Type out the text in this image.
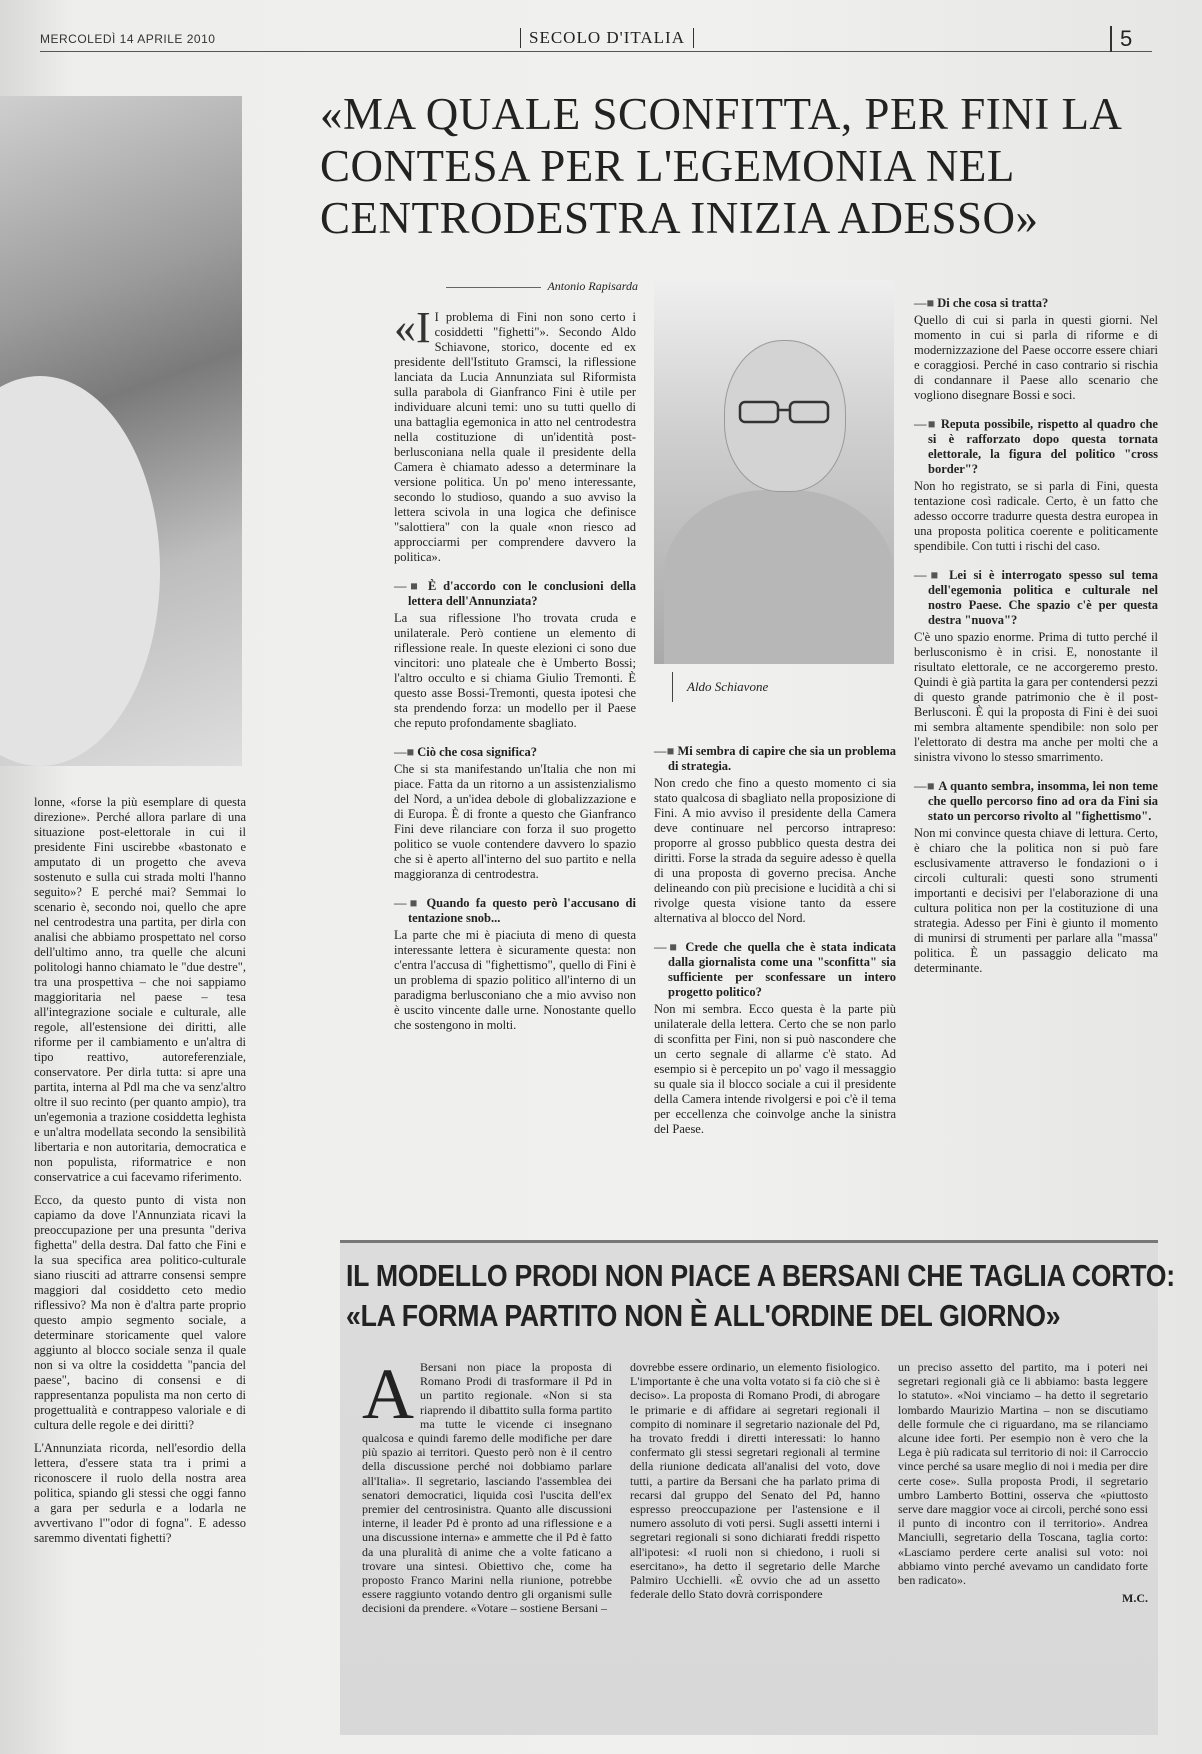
MERCOLEDÌ 14 APRILE 2010	SECOLO D'ITALIA	5
«MA QUALE SCONFITTA, PER FINI LA CONTESA PER L'EGEMONIA NEL CENTRODESTRA INIZIA ADESSO»
Antonio Rapisarda

lonne, «forse la più esemplare di questa direzione». Perché allora parlare di una situazione post-elettorale in cui il presidente Fini uscirebbe «bastonato e amputato di un progetto che aveva sostenuto e sulla cui strada molti l'hanno seguito»? E perché mai? Semmai lo scenario è, secondo noi, quello che apre nel centrodestra una partita, per dirla con analisi che abbiamo prospettato nel corso dell'ultimo anno, tra quelle che alcuni politologi hanno chiamato le "due destre", tra una prospettiva – che noi sappiamo maggioritaria nel paese – tesa all'integrazione sociale e culturale, alle regole, all'estensione dei diritti, alle riforme per il cambiamento e un'altra di tipo reattivo, autoreferenziale, conservatore. Per dirla tutta: si apre una partita, interna al Pdl ma che va senz'altro oltre il suo recinto (per quanto ampio), tra un'egemonia a trazione cosiddetta leghista e un'altra modellata secondo la sensibilità libertaria e non autoritaria, democratica e non populista, riformatrice e non conservatrice a cui facevamo riferimento.

Ecco, da questo punto di vista non capiamo da dove l'Annunziata ricavi la preoccupazione per una presunta "deriva fighetta" della destra. Dal fatto che Fini e la sua specifica area politico-culturale siano riusciti ad attrarre consensi sempre maggiori dal cosiddetto ceto medio riflessivo? Ma non è d'altra parte proprio questo ampio segmento sociale, a determinare storicamente quel valore aggiunto al blocco sociale senza il quale non si va oltre la cosiddetta "pancia del paese", bacino di consensi e di rappresentanza populista ma non certo di progettualità e contrappeso valoriale e di cultura delle regole e dei diritti?

L'Annunziata ricorda, nell'esordio della lettera, d'essere stata tra i primi a riconoscere il ruolo della nostra area politica, spiando gli stessi che oggi fanno a gara per sedurla e a lodarla ne avvertivano l'"odor di fogna". E adesso saremmo diventati fighetti?

«I I problema di Fini non sono certo i cosiddetti "fighetti"». Secondo Aldo Schiavone, storico, docente ed ex presidente dell'Istituto Gramsci, la riflessione lanciata da Lucia Annunziata sul Riformista sulla parabola di Gianfranco Fini è utile per individuare alcuni temi: uno su tutti quello di una battaglia egemonica in atto nel centrodestra nella costituzione di un'identità post-berlusconiana nella quale il presidente della Camera è chiamato adesso a determinare la versione politica. Un po' meno interessante, secondo lo studioso, quando a suo avviso la lettera scivola in una logica che definisce "salottiera" con la quale «non riesco ad approcciarmi per comprendere davvero la politica».

—■ È d'accordo con le conclusioni della lettera dell'Annunziata?

La sua riflessione l'ho trovata cruda e unilaterale. Però contiene un elemento di riflessione reale. In queste elezioni ci sono due vincitori: uno plateale che è Umberto Bossi; l'altro occulto e si chiama Giulio Tremonti. È questo asse Bossi-Tremonti, questa ipotesi che sta prendendo forza: un modello per il Paese che reputo profondamente sbagliato.

—■ Ciò che cosa significa?

Che si sta manifestando un'Italia che non mi piace. Fatta da un ritorno a un assistenzialismo del Nord, a un'idea debole di globalizzazione e di Europa. È di fronte a questo che Gianfranco Fini deve rilanciare con forza il suo progetto politico se vuole contendere davvero lo spazio che si è aperto all'interno del suo partito e nella maggioranza di centrodestra.

—■ Quando fa questo però l'accusano di tentazione snob...

La parte che mi è piaciuta di meno di questa interessante lettera è sicuramente questa: non c'entra l'accusa di "fighettismo", quello di Fini è un problema di spazio politico all'interno di un paradigma berlusconiano che a mio avviso non è uscito vincente dalle urne. Nonostante quello che sostengono in molti.

Aldo Schiavone

—■ Mi sembra di capire che sia un problema di strategia.

Non credo che fino a questo momento ci sia stato qualcosa di sbagliato nella proposizione di Fini. A mio avviso il presidente della Camera deve continuare nel percorso intrapreso: proporre al grosso pubblico questa destra dei diritti. Forse la strada da seguire adesso è quella di una proposta di governo precisa. Anche delineando con più precisione e lucidità a chi si rivolge questa visione tanto da essere alternativa al blocco del Nord.

—■ Crede che quella che è stata indicata dalla giornalista come una "sconfitta" sia sufficiente per sconfessare un intero progetto politico?

Non mi sembra. Ecco questa è la parte più unilaterale della lettera. Certo che se non parlo di sconfitta per Fini, non si può nascondere che un certo segnale di allarme c'è stato. Ad esempio si è percepito un po' vago il messaggio su quale sia il blocco sociale a cui il presidente della Camera intende rivolgersi e poi c'è il tema per eccellenza che coinvolge anche la sinistra del Paese.

—■ Di che cosa si tratta?

Quello di cui si parla in questi giorni. Nel momento in cui si parla di riforme e di modernizzazione del Paese occorre essere chiari e coraggiosi. Perché in caso contrario si rischia di condannare il Paese allo scenario che vogliono disegnare Bossi e soci.

—■ Reputa possibile, rispetto al quadro che si è rafforzato dopo questa tornata elettorale, la figura del politico "cross border"?

Non ho registrato, se si parla di Fini, questa tentazione così radicale. Certo, è un fatto che adesso occorre tradurre questa destra europea in una proposta politica coerente e politicamente spendibile. Con tutti i rischi del caso.

—■ Lei si è interrogato spesso sul tema dell'egemonia politica e culturale nel nostro Paese. Che spazio c'è per questa destra "nuova"?

C'è uno spazio enorme. Prima di tutto perché il berlusconismo è in crisi. E, nonostante il risultato elettorale, ce ne accorgeremo presto. Quindi è già partita la gara per contendersi pezzi di questo grande patrimonio che è il post-Berlusconi. È qui la proposta di Fini è dei suoi mi sembra altamente spendibile: non solo per l'elettorato di destra ma anche per molti che a sinistra vivono lo stesso smarrimento.

—■ A quanto sembra, insomma, lei non teme che quello percorso fino ad ora da Fini sia stato un percorso rivolto al "fighettismo".

Non mi convince questa chiave di lettura. Certo, è chiaro che la politica non si può fare esclusivamente attraverso le fondazioni o i circoli culturali: questi sono strumenti importanti e decisivi per l'elaborazione di una cultura politica non per la costituzione di una strategia. Adesso per Fini è giunto il momento di munirsi di strumenti per parlare alla "massa" politica. È un passaggio delicato ma determinante.

IL MODELLO PRODI NON PIACE A BERSANI CHE TAGLIA CORTO:
«LA FORMA PARTITO NON È ALL'ORDINE DEL GIORNO»
A Bersani non piace la proposta di Romano Prodi di trasformare il Pd in un partito regionale. «Non si sta riaprendo il dibattito sulla forma partito ma tutte le vicende ci insegnano qualcosa e quindi faremo delle modifiche per dare più spazio ai territori. Questo però non è il centro della discussione perché noi dobbiamo parlare all'Italia». Il segretario, lasciando l'assemblea dei senatori democratici, liquida così l'uscita dell'ex premier del centrosinistra. Quanto alle discussioni interne, il leader Pd è pronto ad una riflessione e a una discussione interna» e ammette che il Pd è fatto da una pluralità di anime che a volte faticano a trovare una sintesi. Obiettivo che, come ha proposto Franco Marini nella riunione, potrebbe essere raggiunto votando dentro gli organismi sulle decisioni da prendere. «Votare – sostiene Bersani –
dovrebbe essere ordinario, un elemento fisiologico. L'importante è che una volta votato si fa ciò che si è deciso». La proposta di Romano Prodi, di abrogare le primarie e di affidare ai segretari regionali il compito di nominare il segretario nazionale del Pd, ha trovato freddi i diretti interessati: lo hanno confermato gli stessi segretari regionali al termine della riunione dedicata all'analisi del voto, dove tutti, a partire da Bersani che ha parlato prima di recarsi dal gruppo del Senato del Pd, hanno espresso preoccupazione per l'astensione e il numero assoluto di voti persi. Sugli assetti interni i segretari regionali si sono dichiarati freddi rispetto all'ipotesi: «I ruoli non si chiedono, i ruoli si esercitano», ha detto il segretario delle Marche Palmiro Ucchielli. «È ovvio che ad un assetto federale dello Stato dovrà corrispondere
un preciso assetto del partito, ma i poteri nei segretari regionali già ce li abbiamo: basta leggere lo statuto». «Noi vinciamo – ha detto il segretario lombardo Maurizio Martina – non se discutiamo delle formule che ci riguardano, ma se rilanciamo alcune idee forti. Per esempio non è vero che la Lega è più radicata sul territorio di noi: il Carroccio vince perché sa usare meglio di noi i media per dire certe cose». Sulla proposta Prodi, il segretario umbro Lamberto Bottini, osserva che «piuttosto serve dare maggior voce ai circoli, perché sono essi il punto di incontro con il territorio». Andrea Manciulli, segretario della Toscana, taglia corto: «Lasciamo perdere certe analisi sul voto: noi abbiamo vinto perché avevamo un candidato forte ben radicato».
M.C.
